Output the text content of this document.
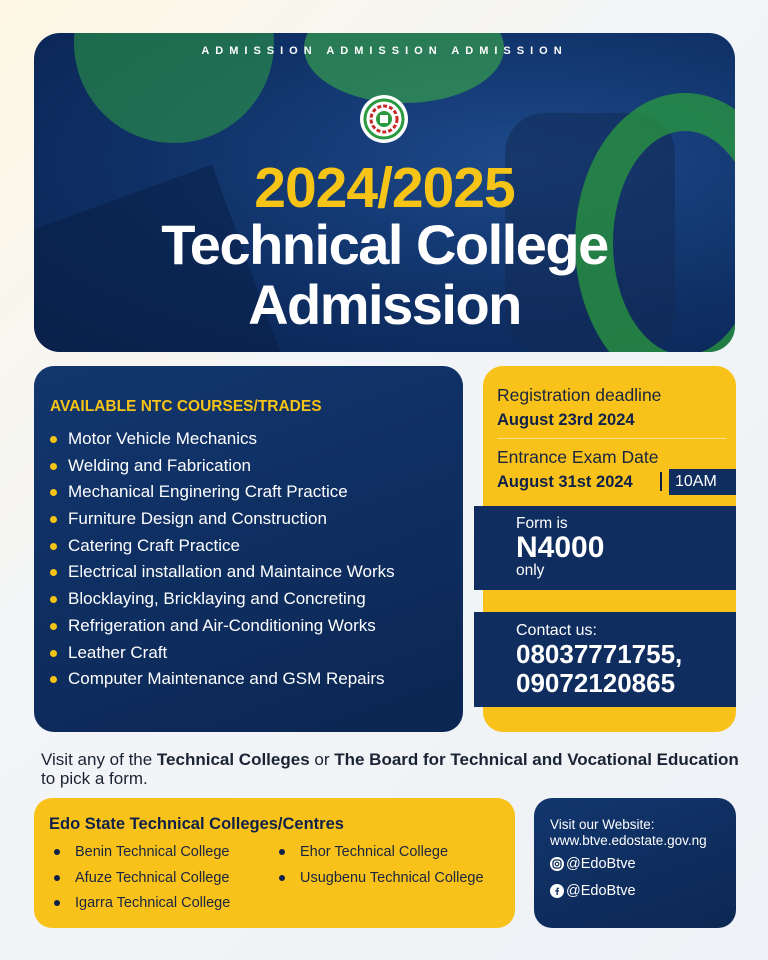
ADMISSION ADMISSION ADMISSION
2024/2025
Technical College
Admission
AVAILABLE NTC COURSES/TRADES
Motor Vehicle Mechanics
Welding and Fabrication
Mechanical Enginering Craft Practice
Furniture Design and Construction
Catering Craft Practice
Electrical installation and Maintaince Works
Blocklaying, Bricklaying and Concreting
Refrigeration and Air-Conditioning Works
Leather Craft
Computer Maintenance and GSM Repairs
Registration deadline
August 23rd 2024
Entrance Exam Date
August 31st 2024	10AM
Form is
N4000
only
Contact us:
08037771755,
09072120865
Visit any of the Technical Colleges or The Board for Technical and Vocational Education to pick a form.
Edo State Technical Colleges/Centres
Benin Technical College
Afuze Technical College
Igarra Technical College
Ehor Technical College
Usugbenu Technical College
Visit our Website:
www.btve.edostate.gov.ng
@EdoBtve
@EdoBtve
